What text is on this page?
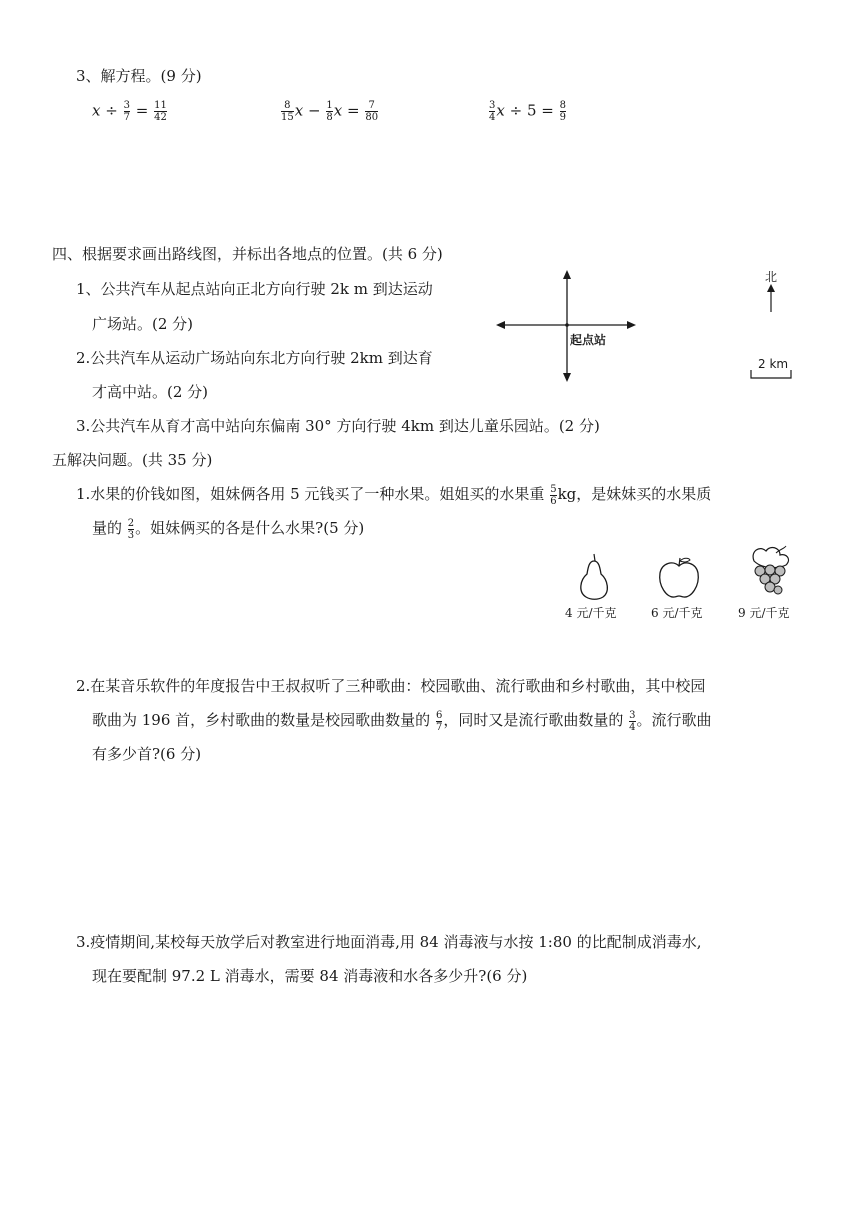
3、解方程。(9 分)
$x \div \frac{3}{7} = \frac{11}{42}$	$\frac{8}{15}$ $x - \frac{1}{8}$ $x = \frac{7}{80}$	$\frac{3}{4}$ $x \div 5 = \frac{8}{9}$
四、根据要求画出路线图，并标出各地点的位置。(共 6 分)
1、公共汽车从起点站向正北方向行驶 2k m 到达运动
广场站。(2 分)
2.公共汽车从运动广场站向东北方向行驶 2km 到达育
才高中站。(2 分)
3.公共汽车从育才高中站向东偏南 30° 方向行驶 4km 到达儿童乐园站。(2 分)
起点站
北
2 km
五解决问题。(共 35 分)
1.水果的价钱如图，姐妹俩各用 5 元钱买了一种水果。姐姐买的水果重 $\frac{5}{6}$ kg，是妹妹买的水果质
量的 $\frac{2}{3}$ 。姐妹俩买的各是什么水果?(5 分)
4 元/千克	6 元/千克	9 元/千克
2.在某音乐软件的年度报告中王叔叔听了三种歌曲：校园歌曲、流行歌曲和乡村歌曲，其中校园
歌曲为 196 首，乡村歌曲的数量是校园歌曲数量的 $\frac{6}{7}$ ，同时又是流行歌曲数量的 $\frac{3}{4}$ 。流行歌曲
有多少首?(6 分)
3.疫情期间,某校每天放学后对教室进行地面消毒,用 84 消毒液与水按 1:80 的比配制成消毒水,
现在要配制 97.2 L 消毒水，需要 84 消毒液和水各多少升?(6 分)
